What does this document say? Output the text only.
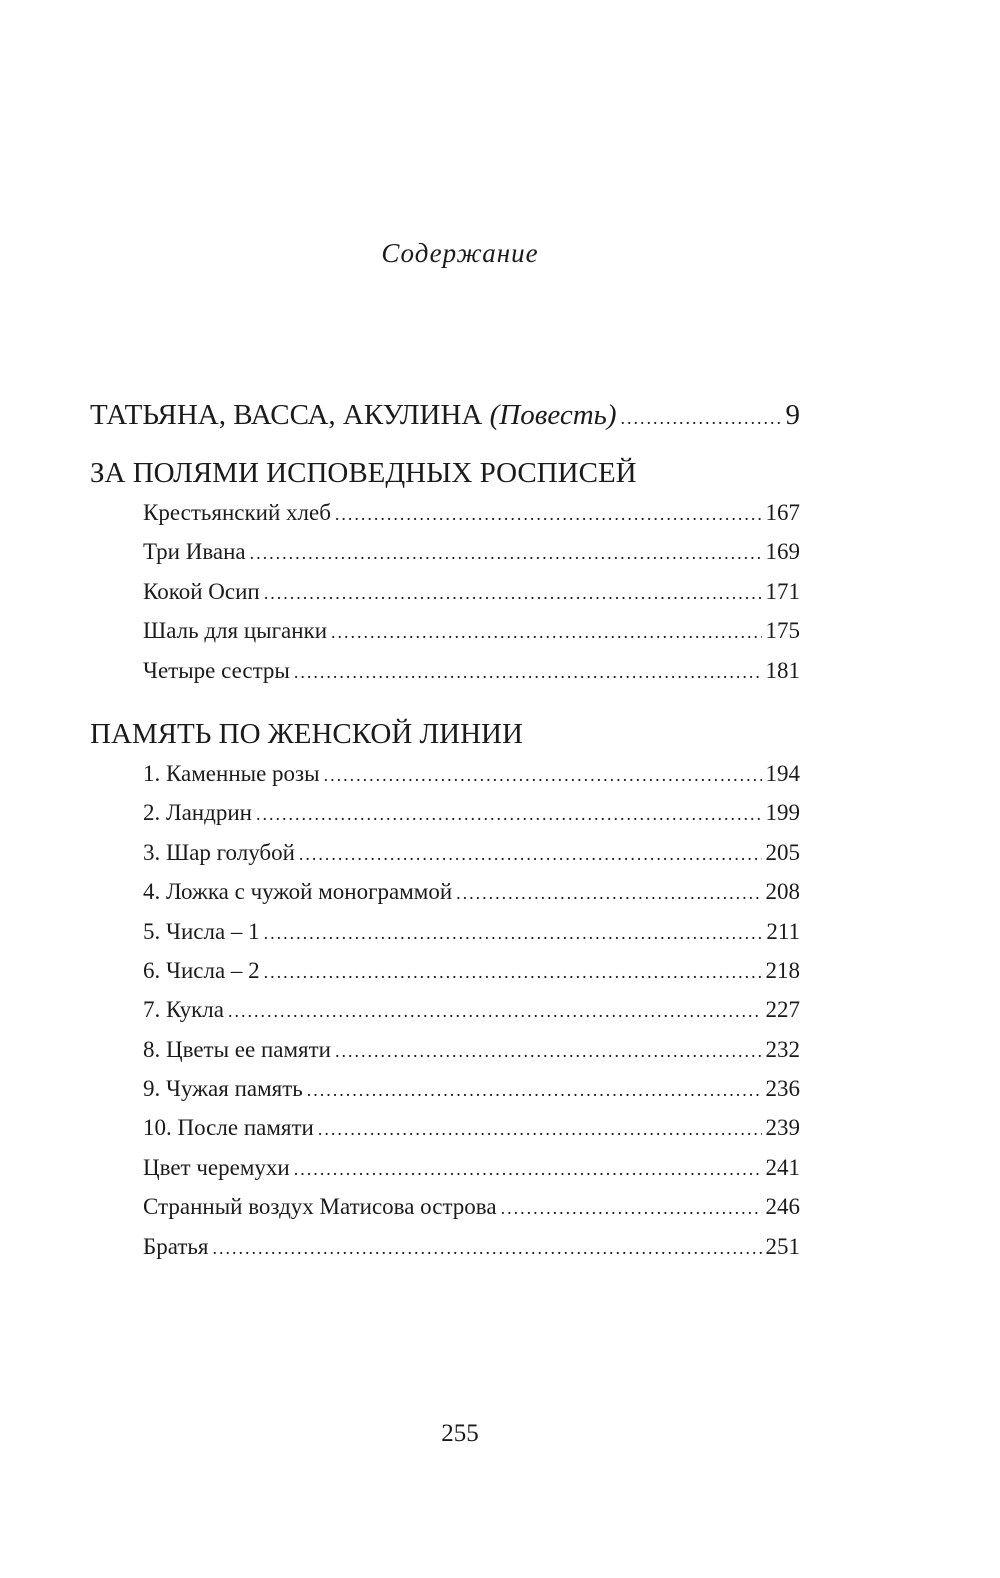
Содержание
ТАТЬЯНА, ВАССА, АКУЛИНА (Повесть) .....	9
ЗА ПОЛЯМИ ИСПОВЕДНЫХ РОСПИСЕЙ
Крестьянский хлеб .....	167
Три Ивана .....	169
Кокой Осип .....	171
Шаль для цыганки .....	175
Четыре сестры .....	181
ПАМЯТЬ ПО ЖЕНСКОЙ ЛИНИИ
1. Каменные розы .....	194
2. Ландрин .....	199
3. Шар голубой .....	205
4. Ложка с чужой монограммой .....	208
5. Числа – 1 .....	211
6. Числа – 2 .....	218
7. Кукла .....	227
8. Цветы ее памяти .....	232
9. Чужая память .....	236
10. После памяти .....	239
Цвет черемухи .....	241
Странный воздух Матисова острова .....	246
Братья .....	251
255
